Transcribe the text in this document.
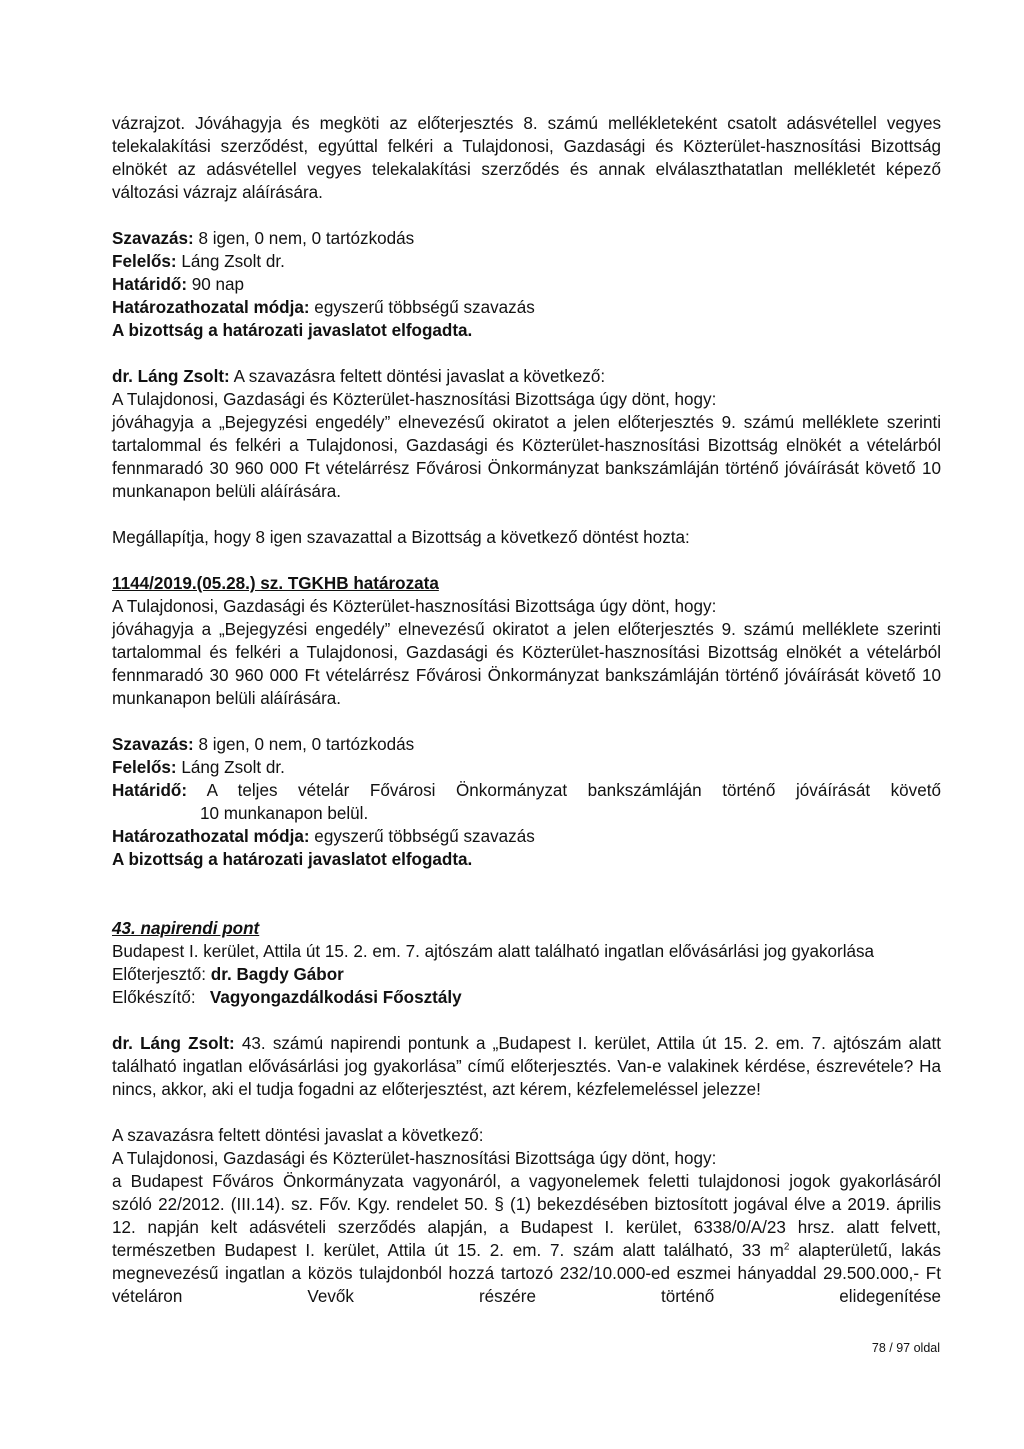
vázrajzot. Jóváhagyja és megköti az előterjesztés 8. számú mellékleteként csatolt adásvétellel vegyes telekalakítási szerződést, egyúttal felkéri a Tulajdonosi, Gazdasági és Közterület-hasznosítási Bizottság elnökét az adásvétellel vegyes telekalakítási szerződés és annak elválaszthatatlan mellékletét képező változási vázrajz aláírására.

Szavazás: 8 igen, 0 nem, 0 tartózkodás

Felelős: Láng Zsolt dr.

Határidő: 90 nap

Határozathozatal módja: egyszerű többségű szavazás

A bizottság a határozati javaslatot elfogadta.

dr. Láng Zsolt: A szavazásra feltett döntési javaslat a következő:

A Tulajdonosi, Gazdasági és Közterület-hasznosítási Bizottsága úgy dönt, hogy:

jóváhagyja a „Bejegyzési engedély” elnevezésű okiratot a jelen előterjesztés 9. számú melléklete szerinti tartalommal és felkéri a Tulajdonosi, Gazdasági és Közterület-hasznosítási Bizottság elnökét a vételárból fennmaradó 30 960 000 Ft vételárrész Fővárosi Önkormányzat bankszámláján történő jóváírását követő 10 munkanapon belüli aláírására.

Megállapítja, hogy 8 igen szavazattal a Bizottság a következő döntést hozta:

1144/2019.(05.28.) sz. TGKHB határozata

A Tulajdonosi, Gazdasági és Közterület-hasznosítási Bizottsága úgy dönt, hogy:

jóváhagyja a „Bejegyzési engedély” elnevezésű okiratot a jelen előterjesztés 9. számú melléklete szerinti tartalommal és felkéri a Tulajdonosi, Gazdasági és Közterület-hasznosítási Bizottság elnökét a vételárból fennmaradó 30 960 000 Ft vételárrész Fővárosi Önkormányzat bankszámláján történő jóváírását követő 10 munkanapon belüli aláírására.

Szavazás: 8 igen, 0 nem, 0 tartózkodás

Felelős: Láng Zsolt dr.

Határidő: A teljes vételár Fővárosi Önkormányzat bankszámláján történő jóváírását követő

10 munkanapon belül.

Határozathozatal módja: egyszerű többségű szavazás

A bizottság a határozati javaslatot elfogadta.

43. napirendi pont

Budapest I. kerület, Attila út 15. 2. em. 7. ajtószám alatt található ingatlan elővásárlási jog gyakorlása

Előterjesztő: dr. Bagdy Gábor

Előkészítő:   Vagyongazdálkodási Főosztály

dr. Láng Zsolt: 43. számú napirendi pontunk a „Budapest I. kerület, Attila út 15. 2. em. 7. ajtószám alatt található ingatlan elővásárlási jog gyakorlása” című előterjesztés. Van-e valakinek kérdése, észrevétele? Ha nincs, akkor, aki el tudja fogadni az előterjesztést, azt kérem, kézfelemeléssel jelezze!

A szavazásra feltett döntési javaslat a következő:

A Tulajdonosi, Gazdasági és Közterület-hasznosítási Bizottsága úgy dönt, hogy:

a Budapest Főváros Önkormányzata vagyonáról, a vagyonelemek feletti tulajdonosi jogok gyakorlásáról szóló 22/2012. (III.14). sz. Főv. Kgy. rendelet 50. § (1) bekezdésében biztosított jogával élve a 2019. április 12. napján kelt adásvételi szerződés alapján, a Budapest I. kerület, 6338/0/A/23 hrsz. alatt felvett, természetben Budapest I. kerület, Attila út 15. 2. em. 7. szám alatt található, 33 $m^2$ alapterületű, lakás megnevezésű ingatlan a közös tulajdonból hozzá tartozó 232/10.000-ed eszmei hányaddal 29.500.000,- Ft vételáron Vevők részére történő elidegenítése

78 / 97 oldal
